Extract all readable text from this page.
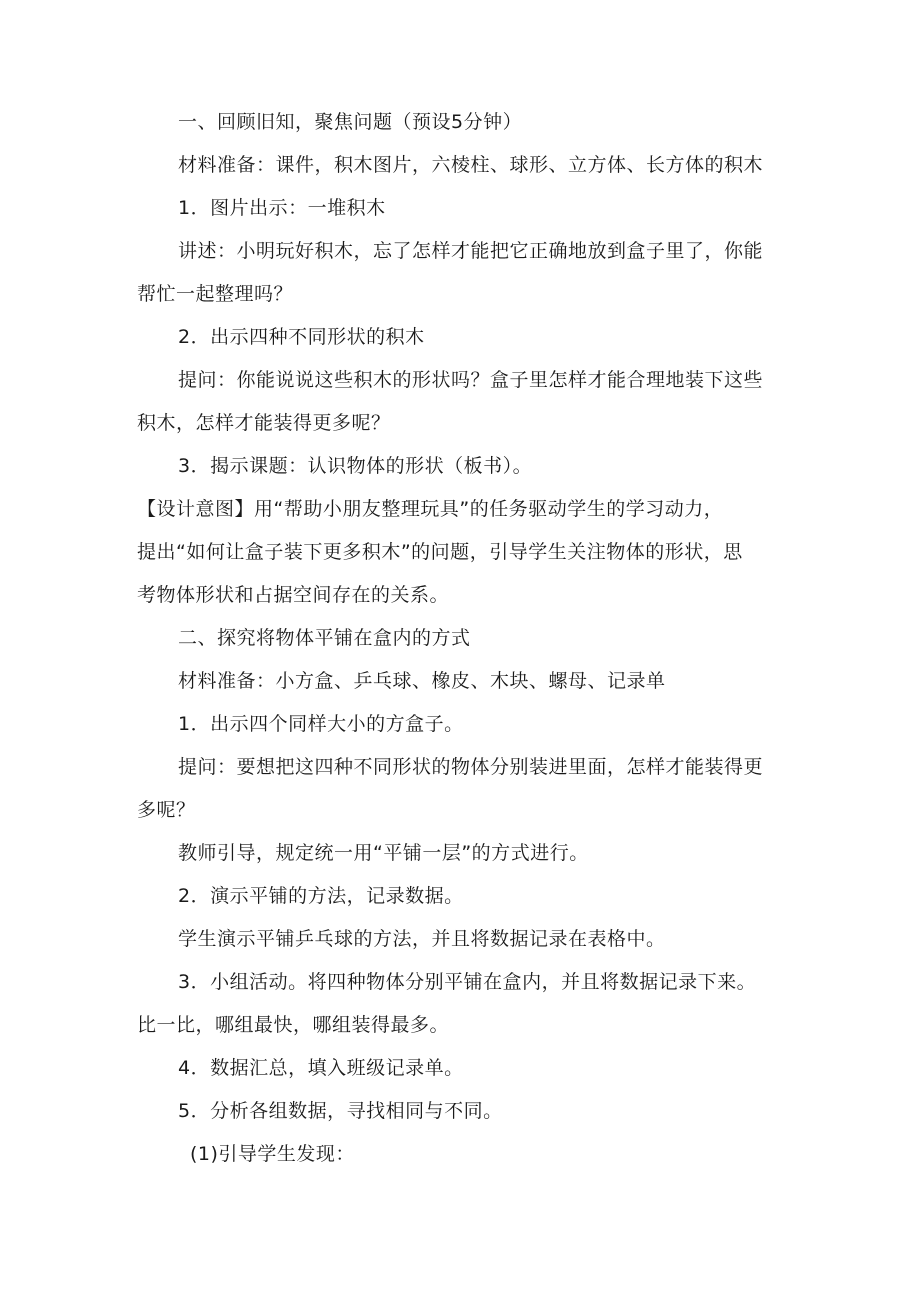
一、回顾旧知，聚焦问题（预设5分钟）
材料准备：课件，积木图片，六棱柱、球形、立方体、长方体的积木
1．图片出示：一堆积木
讲述：小明玩好积木，忘了怎样才能把它正确地放到盒子里了，你能
帮忙一起整理吗？
2．出示四种不同形状的积木
提问：你能说说这些积木的形状吗？盒子里怎样才能合理地装下这些
积木，怎样才能装得更多呢？
3．揭示课题：认识物体的形状（板书）。
【设计意图】用“帮助小朋友整理玩具”的任务驱动学生的学习动力，
提出“如何让盒子装下更多积木”的问题，引导学生关注物体的形状，思
考物体形状和占据空间存在的关系。
二、探究将物体平铺在盒内的方式
材料准备：小方盒、乒乓球、橡皮、木块、螺母、记录单
1．出示四个同样大小的方盒子。
提问：要想把这四种不同形状的物体分别装进里面，怎样才能装得更
多呢？
教师引导，规定统一用“平铺一层”的方式进行。
2．演示平铺的方法，记录数据。
学生演示平铺乒乓球的方法，并且将数据记录在表格中。
3．小组活动。将四种物体分别平铺在盒内，并且将数据记录下来。
比一比，哪组最快，哪组装得最多。
4．数据汇总，填入班级记录单。
5．分析各组数据，寻找相同与不同。
(1)引导学生发现：
